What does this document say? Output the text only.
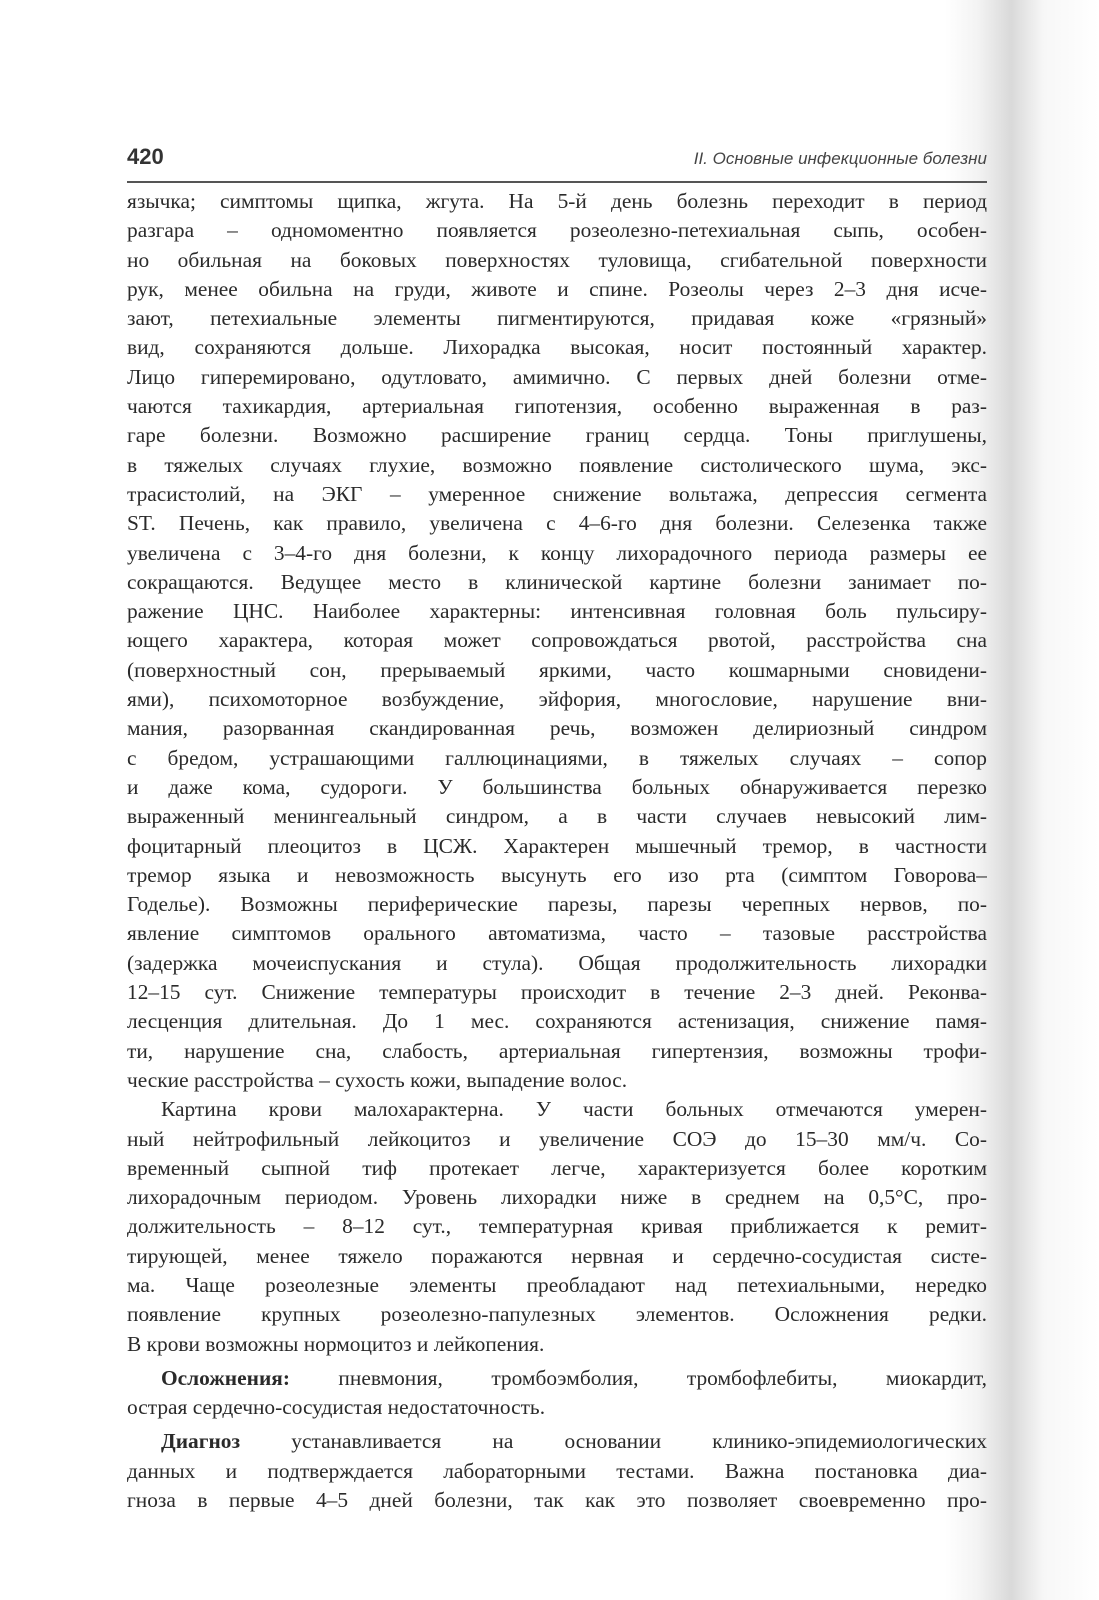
420	II. Основные инфекционные болезни
язычка; симптомы щипка, жгута. На 5-й день болезнь переходит в период
разгара – одномоментно появляется розеолезно-петехиальная сыпь, особен-
но обильная на боковых поверхностях туловища, сгибательной поверхности
рук, менее обильна на груди, животе и спине. Розеолы через 2–3 дня исче-
зают, петехиальные элементы пигментируются, придавая коже «грязный»
вид, сохраняются дольше. Лихорадка высокая, носит постоянный характер.
Лицо гиперемировано, одутловато, амимично. С первых дней болезни отме-
чаются тахикардия, артериальная гипотензия, особенно выраженная в раз-
гаре болезни. Возможно расширение границ сердца. Тоны приглушены,
в тяжелых случаях глухие, возможно появление систолического шума, экс-
трасистолий, на ЭКГ – умеренное снижение вольтажа, депрессия сегмента
ST. Печень, как правило, увеличена с 4–6-го дня болезни. Селезенка также
увеличена с 3–4-го дня болезни, к концу лихорадочного периода размеры ее
сокращаются. Ведущее место в клинической картине болезни занимает по-
ражение ЦНС. Наиболее характерны: интенсивная головная боль пульсиру-
ющего характера, которая может сопровождаться рвотой, расстройства сна
(поверхностный сон, прерываемый яркими, часто кошмарными сновидени-
ями), психомоторное возбуждение, эйфория, многословие, нарушение вни-
мания, разорванная скандированная речь, возможен делириозный синдром
с бредом, устрашающими галлюцинациями, в тяжелых случаях – сопор
и даже кома, судороги. У большинства больных обнаруживается перезко
выраженный менингеальный синдром, а в части случаев невысокий лим-
фоцитарный плеоцитоз в ЦСЖ. Характерен мышечный тремор, в частности
тремор языка и невозможность высунуть его изо рта (симптом Говорова–
Годелье). Возможны периферические парезы, парезы черепных нервов, по-
явление симптомов орального автоматизма, часто – тазовые расстройства
(задержка мочеиспускания и стула). Общая продолжительность лихорадки
12–15 сут. Снижение температуры происходит в течение 2–3 дней. Реконва-
лесценция длительная. До 1 мес. сохраняются астенизация, снижение памя-
ти, нарушение сна, слабость, артериальная гипертензия, возможны трофи-
ческие расстройства – сухость кожи, выпадение волос.
Картина крови малохарактерна. У части больных отмечаются умерен-
ный нейтрофильный лейкоцитоз и увеличение СОЭ до 15–30 мм/ч. Со-
временный сыпной тиф протекает легче, характеризуется более коротким
лихорадочным периодом. Уровень лихорадки ниже в среднем на 0,5°С, про-
должительность – 8–12 сут., температурная кривая приближается к ремит-
тирующей, менее тяжело поражаются нервная и сердечно-сосудистая систе-
ма. Чаще розеолезные элементы преобладают над петехиальными, нередко
появление крупных розеолезно-папулезных элементов. Осложнения редки.
В крови возможны нормоцитоз и лейкопения.
Осложнения: пневмония, тромбоэмболия, тромбофлебиты, миокардит,
острая сердечно-сосудистая недостаточность.
Диагноз устанавливается на основании клинико-эпидемиологических
данных и подтверждается лабораторными тестами. Важна постановка диа-
гноза в первые 4–5 дней болезни, так как это позволяет своевременно про-
